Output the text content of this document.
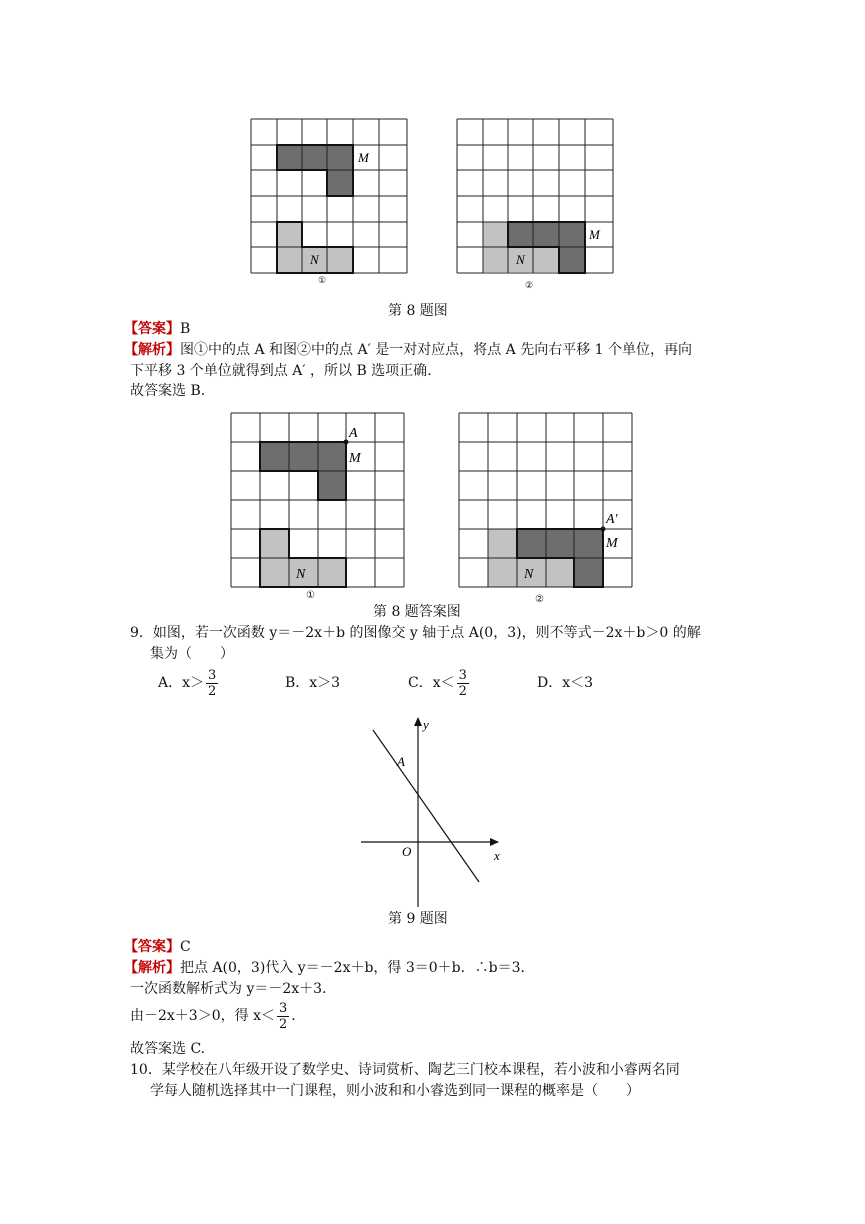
M
N
①
M
N
②
第 8 题图
【答案】B
【解析】图①中的点 A 和图②中的点 A′ 是一对对应点，将点 A 先向右平移 1 个单位，再向
下平移 3 个单位就得到点 A′ ，所以 B 选项正确.
故答案选 B.
A
M
N
①
A′
M
N
②
第 8 题答案图
9．如图，若一次函数 y＝－2x＋b 的图像交 y 轴于点 A(0，3)，则不等式－2x＋b＞0 的解
集为（　　）
A．$x> \frac{3}{2}$	B．x＞3	C．$x< \frac{3}{2}$	D．x＜3
y
x
A
O
第 9 题图
【答案】C
【解析】把点 A(0，3)代入 y＝－2x＋b，得 3＝0＋b．∴b＝3．
一次函数解析式为 y＝－2x＋3．
由－2x＋3＞0，得 $x< \frac{3}{2}$ .
故答案选 C.
10．某学校在八年级开设了数学史、诗词赏析、陶艺三门校本课程，若小波和小睿两名同
学每人随机选择其中一门课程，则小波和和小睿选到同一课程的概率是（　　）
